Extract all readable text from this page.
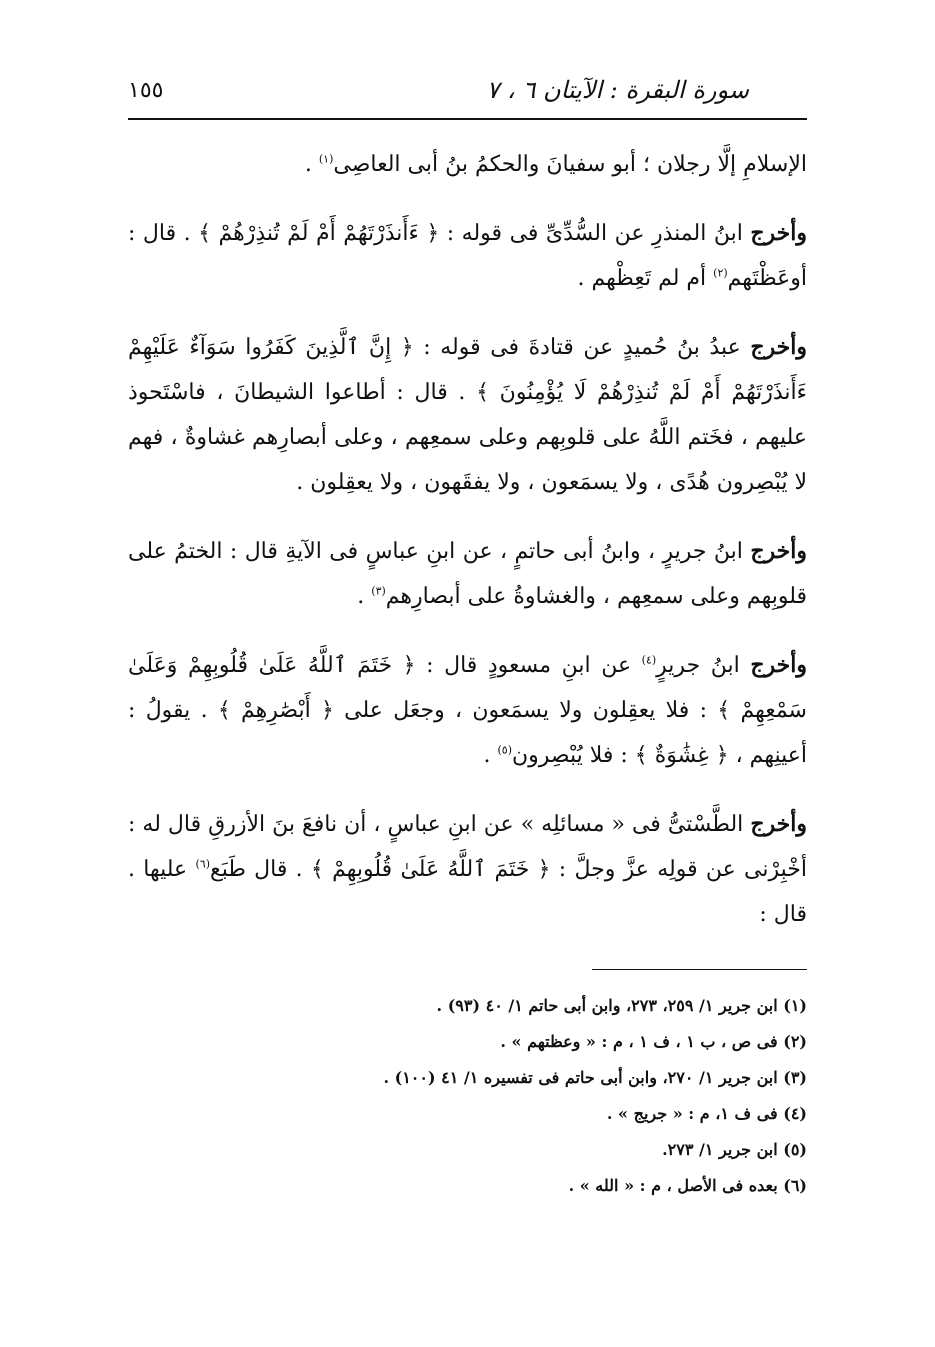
١٥٥	سورة البقرة : الآيتان ٦ ، ٧

الإسلامِ إلَّا رجلان ؛ أبو سفيانَ والحكمُ بنُ أبى العاصِى$^{(١)}$ .

وأخرج ابنُ المنذرِ عن السُّدِّىِّ فى قوله : ﴿ ءَأَنذَرْتَهُمْ أَمْ لَمْ تُنذِرْهُمْ ﴾ . قال : أوعَظْتَهم$^{(٢)}$ أم لم تَعِظْهم .

وأخرج عبدُ بنُ حُميدٍ عن قتادةَ فى قوله : ﴿ إِنَّ ٱلَّذِينَ كَفَرُوا سَوَآءٌ عَلَيْهِمْ ءَأَنذَرْتَهُمْ أَمْ لَمْ تُنذِرْهُمْ لَا يُؤْمِنُونَ ﴾ . قال : أطاعوا الشيطانَ ، فاسْتَحوذ عليهم ، فخَتم اللَّهُ على قلوبِهم وعلى سمعِهم ، وعلى أبصارِهم غشاوةٌ ، فهم لا يُبْصِرون هُدًى ، ولا يسمَعون ، ولا يفقَهون ، ولا يعقِلون .

وأخرج ابنُ جريرٍ ، وابنُ أبى حاتمٍ ، عن ابنِ عباسٍ فى الآيةِ قال : الختمُ على قلوبِهم وعلى سمعِهم ، والغشاوةُ على أبصارِهم$^{(٣)}$ .

وأخرج ابنُ جريرٍ$^{(٤)}$ عن ابنِ مسعودٍ قال : ﴿ خَتَمَ ٱللَّهُ عَلَىٰ قُلُوبِهِمْ وَعَلَىٰ سَمْعِهِمْ ﴾ : فلا يعقِلون ولا يسمَعون ، وجعَل على ﴿ أَبْصَٰرِهِمْ ﴾ . يقولُ : أعينِهم ، ﴿ غِشَٰوَةٌ ﴾ : فلا يُبْصِرون$^{(٥)}$ .

وأخرج الطَّسْتىُّ فى « مسائلِه » عن ابنِ عباسٍ ، أن نافعَ بنَ الأزرقِ قال له : أخْبِرْنى عن قولِه عزَّ وجلَّ : ﴿ خَتَمَ ٱللَّهُ عَلَىٰ قُلُوبِهِمْ ﴾ . قال طَبَع$^{(٦)}$ عليها . قال :

(١) ابن جرير ١/ ٢٥٩، ٢٧٣، وابن أبى حاتم ١/ ٤٠ (٩٣) .

(٢) فى ص ، ب ١ ، ف ١ ، م : « وعظتهم » .

(٣) ابن جرير ١/ ٢٧٠، وابن أبى حاتم فى تفسيره ١/ ٤١ (١٠٠) .

(٤) فى ف ١، م : « جريج » .

(٥) ابن جرير ١/ ٢٧٣.

(٦) بعده فى الأصل ، م : « الله » .
